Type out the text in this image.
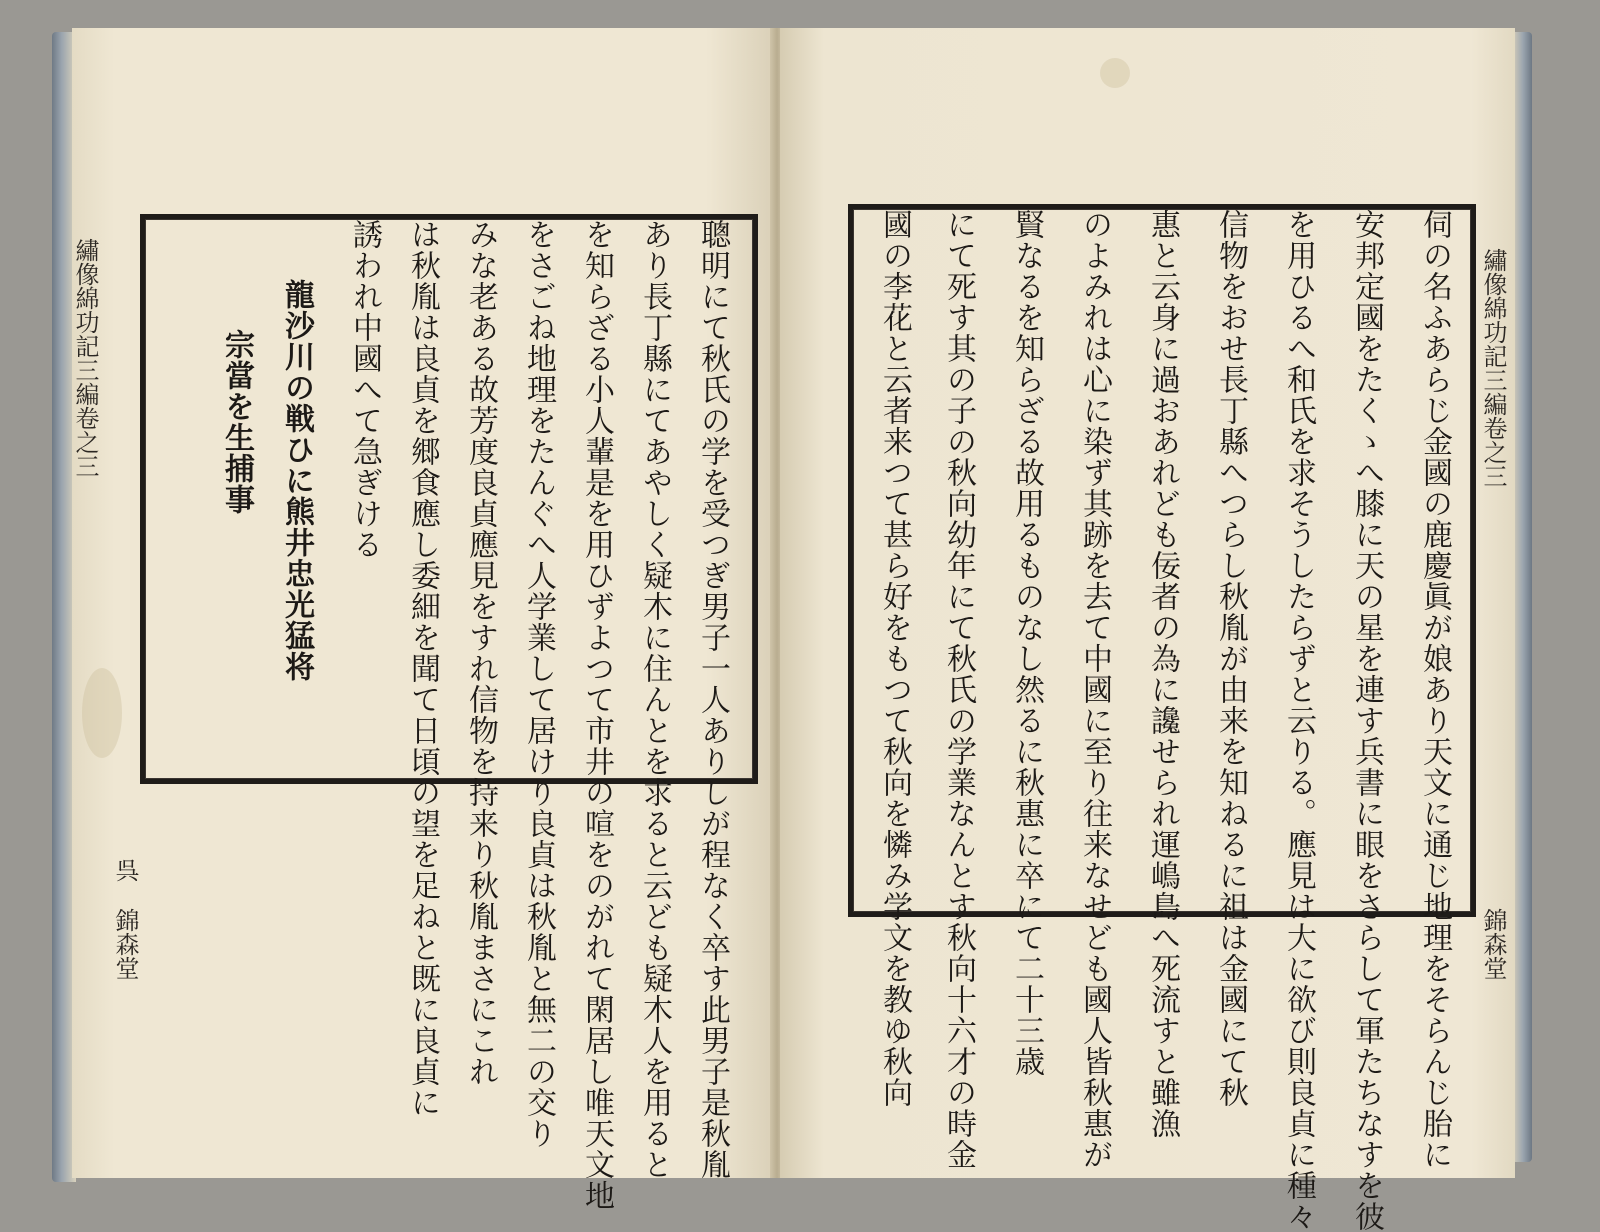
繡像綿功記三編卷之三
呉
錦森堂	聰明にて秋氏の学を受つぎ男子一人ありしが程なく卒す此男子是秋胤
あり長丁縣にてあやしく疑木に住んとを求ると云ども疑木人を用ると
を知らざる小人輩是を用ひずよつて市井の喧をのがれて閑居し唯天文地
をさごね地理をたんぐへ人学業して居けり良貞は秋胤と無二の交り
みな老ある故芳度良貞應見をすれ信物を持来り秋胤まさにこれ
は秋胤は良貞を郷食應し委細を聞て日頃の望を足ねと既に良貞に
誘われ中國へて急ぎける
龍沙川の戦ひに熊井忠光猛将
宗當を生捕事	繡像綿功記三編卷之三
錦森堂
伺の名ふあらじ金國の鹿慶眞が娘あり天文に通じ地理をそらんじ胎に
安邦定國をたくゝへ膝に天の星を連す兵書に眼をさらして軍たちなすを彼
を用ひるへ和氏を求そうしたらずと云りる。應見は大に欲び則良貞に種々
信物をおせ長丁縣へつらし秋胤が由来を知ねるに祖は金國にて秋
惠と云身に過おあれども佞者の為に讒せられ運嶋島へ死流すと雖漁
のよみれは心に染ず其跡を去て中國に至り往来なせども國人皆秋惠が
賢なるを知らざる故用るものなし然るに秋惠に卒にて二十三歳
にて死す其の子の秋向幼年にて秋氏の学業なんとす秋向十六才の時金
國の李花と云者来つて甚ら好をもつて秋向を憐み学文を教ゆ秋向
